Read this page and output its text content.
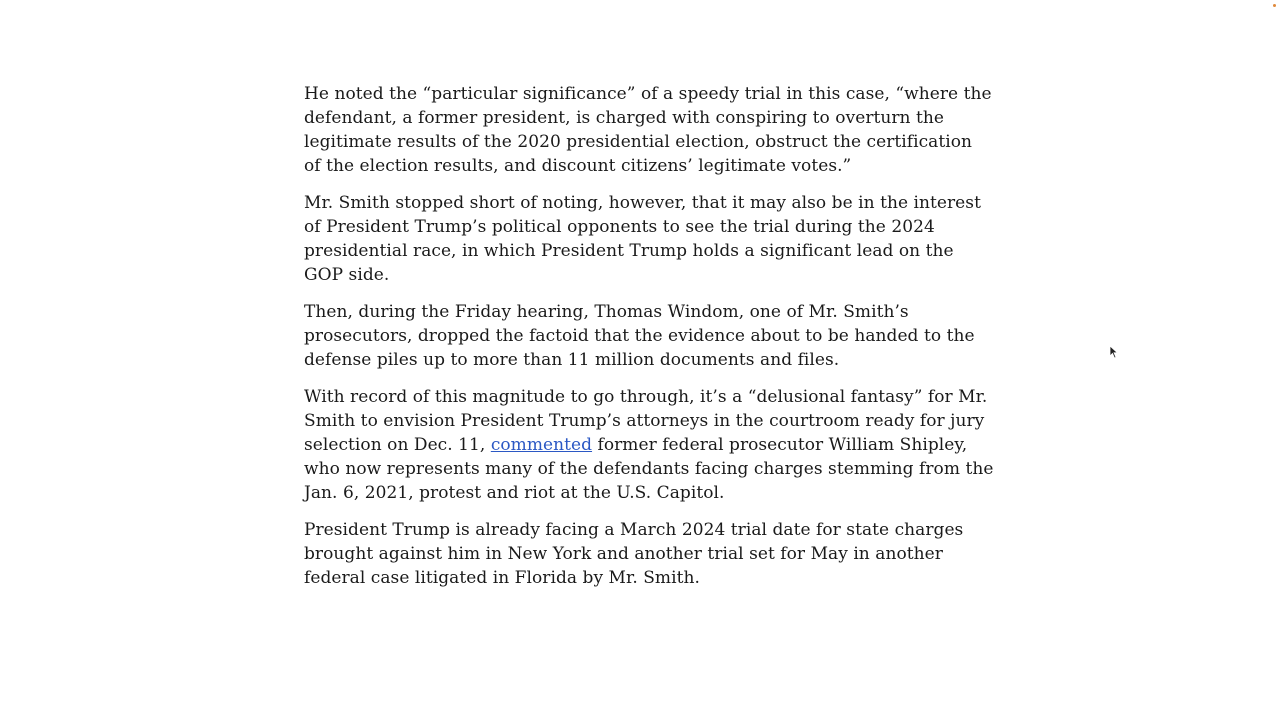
He noted the “particular significance” of a speedy trial in this case, “where the defendant, a former president, is charged with conspiring to overturn the legitimate results of the 2020 presidential election, obstruct the certification of the election results, and discount citizens’ legitimate votes.”

Mr. Smith stopped short of noting, however, that it may also be in the interest of President Trump’s political opponents to see the trial during the 2024 presidential race, in which President Trump holds a significant lead on the GOP side.

Then, during the Friday hearing, Thomas Windom, one of Mr. Smith’s prosecutors, dropped the factoid that the evidence about to be handed to the defense piles up to more than 11 million documents and files.

With record of this magnitude to go through, it’s a “delusional fantasy” for Mr. Smith to envision President Trump’s attorneys in the courtroom ready for jury selection on Dec. 11, commented former federal prosecutor William Shipley, who now represents many of the defendants facing charges stemming from the Jan. 6, 2021, protest and riot at the U.S. Capitol.

President Trump is already facing a March 2024 trial date for state charges brought against him in New York and another trial set for May in another federal case litigated in Florida by Mr. Smith.
